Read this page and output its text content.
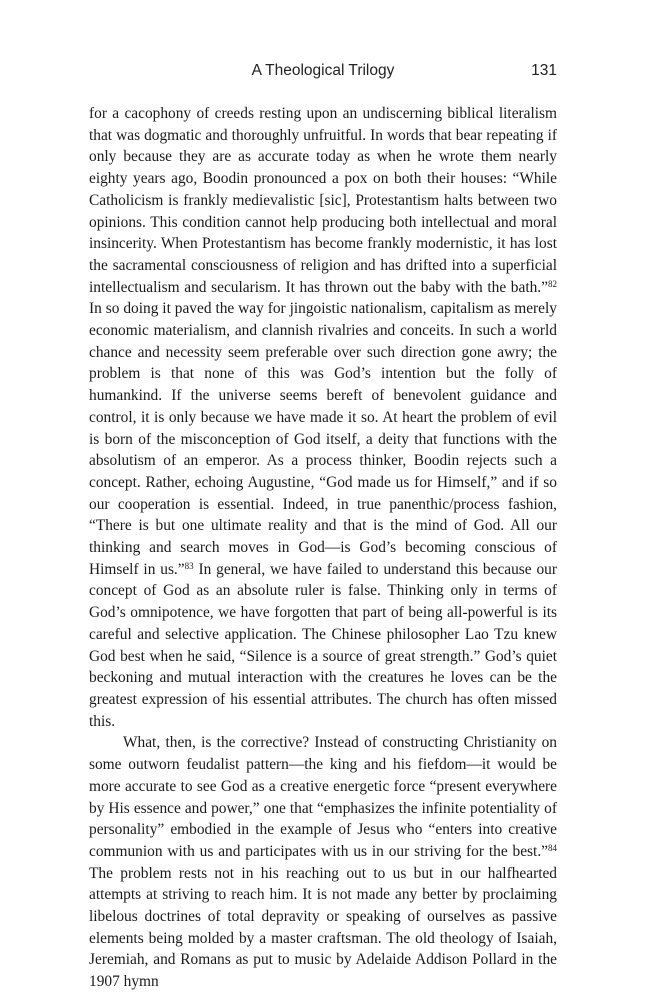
A Theological Trilogy	131

for a cacophony of creeds resting upon an undiscerning biblical literalism that was dogmatic and thoroughly unfruitful. In words that bear repeating if only because they are as accurate today as when he wrote them nearly eighty years ago, Boodin pronounced a pox on both their houses: “While Catholicism is frankly medievalistic [sic], Protestantism halts between two opinions. This condition cannot help producing both intellectual and moral insincerity. When Protestantism has become frankly modernistic, it has lost the sacramental consciousness of religion and has drifted into a superficial intellectualism and secularism. It has thrown out the baby with the bath.”$^{82}$ In so doing it paved the way for jingoistic nationalism, capitalism as merely economic materialism, and clannish rivalries and conceits. In such a world chance and necessity seem preferable over such direction gone awry; the problem is that none of this was God’s intention but the folly of humankind. If the universe seems bereft of benevolent guidance and control, it is only because we have made it so. At heart the problem of evil is born of the misconception of God itself, a deity that functions with the absolutism of an emperor. As a process thinker, Boodin rejects such a concept. Rather, echoing Augustine, “God made us for Himself,” and if so our cooperation is essential. Indeed, in true panenthic/process fashion, “There is but one ultimate reality and that is the mind of God. All our thinking and search moves in God—is God’s becoming conscious of Himself in us.”$^{83}$ In general, we have failed to understand this because our concept of God as an absolute ruler is false. Thinking only in terms of God’s omnipotence, we have forgotten that part of being all-powerful is its careful and selective application. The Chinese philosopher Lao Tzu knew God best when he said, “Silence is a source of great strength.” God’s quiet beckoning and mutual interaction with the creatures he loves can be the greatest expression of his essential attributes. The church has often missed this.

What, then, is the corrective? Instead of constructing Christianity on some outworn feudalist pattern—the king and his fiefdom—it would be more accurate to see God as a creative energetic force “present everywhere by His essence and power,” one that “emphasizes the infinite potentiality of personality” embodied in the example of Jesus who “enters into creative communion with us and participates with us in our striving for the best.”$^{84}$ The problem rests not in his reaching out to us but in our halfhearted attempts at striving to reach him. It is not made any better by proclaiming libelous doctrines of total depravity or speaking of ourselves as passive elements being molded by a master craftsman. The old theology of Isaiah, Jeremiah, and Romans as put to music by Adelaide Addison Pollard in the 1907 hymn
